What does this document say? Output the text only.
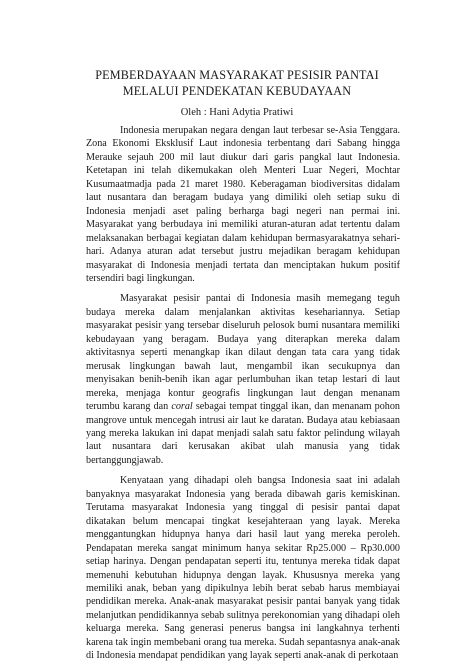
PEMBERDAYAAN MASYARAKAT PESISIR PANTAI
MELALUI PENDEKATAN KEBUDAYAAN

Oleh : Hani Adytia Pratiwi

Indonesia merupakan negara dengan laut terbesar se-Asia Tenggara. Zona Ekonomi Eksklusif Laut indonesia terbentang dari Sabang hingga Merauke sejauh 200 mil laut diukur dari garis pangkal laut Indonesia. Ketetapan ini telah dikemukakan oleh Menteri Luar Negeri, Mochtar Kusumaatmadja pada 21 maret 1980. Keberagaman biodiversitas didalam laut nusantara dan beragam budaya yang dimiliki oleh setiap suku di Indonesia menjadi aset paling berharga bagi negeri nan permai ini. Masyarakat yang berbudaya ini memiliki aturan-aturan adat tertentu dalam melaksanakan berbagai kegiatan dalam kehidupan bermasyarakatnya sehari-hari. Adanya aturan adat tersebut justru mejadikan beragam kehidupan masyarakat di Indonesia menjadi tertata dan menciptakan hukum positif tersendiri bagi lingkungan.

Masyarakat pesisir pantai di Indonesia masih memegang teguh budaya mereka dalam menjalankan aktivitas kesehariannya. Setiap masyarakat pesisir yang tersebar diseluruh pelosok bumi nusantara memiliki kebudayaan yang beragam. Budaya yang diterapkan mereka dalam aktivitasnya seperti menangkap ikan dilaut dengan tata cara yang tidak merusak lingkungan bawah laut, mengambil ikan secukupnya dan menyisakan benih-benih ikan agar perlumbuhan ikan tetap lestari di laut mereka, menjaga kontur geografis lingkungan laut dengan menanam terumbu karang dan coral sebagai tempat tinggal ikan, dan menanam pohon mangrove untuk mencegah intrusi air laut ke daratan. Budaya atau kebiasaan yang mereka lakukan ini dapat menjadi salah satu faktor pelindung wilayah laut nusantara dari kerusakan akibat ulah manusia yang tidak bertanggungjawab.

Kenyataan yang dihadapi oleh bangsa Indonesia saat ini adalah banyaknya masyarakat Indonesia yang berada dibawah garis kemiskinan. Terutama masyarakat Indonesia yang tinggal di pesisir pantai dapat dikatakan belum mencapai tingkat kesejahteraan yang layak. Mereka menggantungkan hidupnya hanya dari hasil laut yang mereka peroleh. Pendapatan mereka sangat minimum hanya sekitar Rp25.000 – Rp30.000 setiap harinya. Dengan pendapatan seperti itu, tentunya mereka tidak dapat memenuhi kebutuhan hidupnya dengan layak. Khususnya mereka yang memiliki anak, beban yang dipikulnya lebih berat sebab harus membiayai pendidikan mereka. Anak-anak masyarakat pesisir pantai banyak yang tidak melanjutkan pendidikannya sebab sulitnya perekonomian yang dihadapi oleh keluarga mereka. Sang generasi penerus bangsa ini langkahnya terhenti karena tak ingin membebani orang tua mereka. Sudah sepantasnya anak-anak di Indonesia mendapat pendidikan yang layak seperti anak-anak di perkotaan
